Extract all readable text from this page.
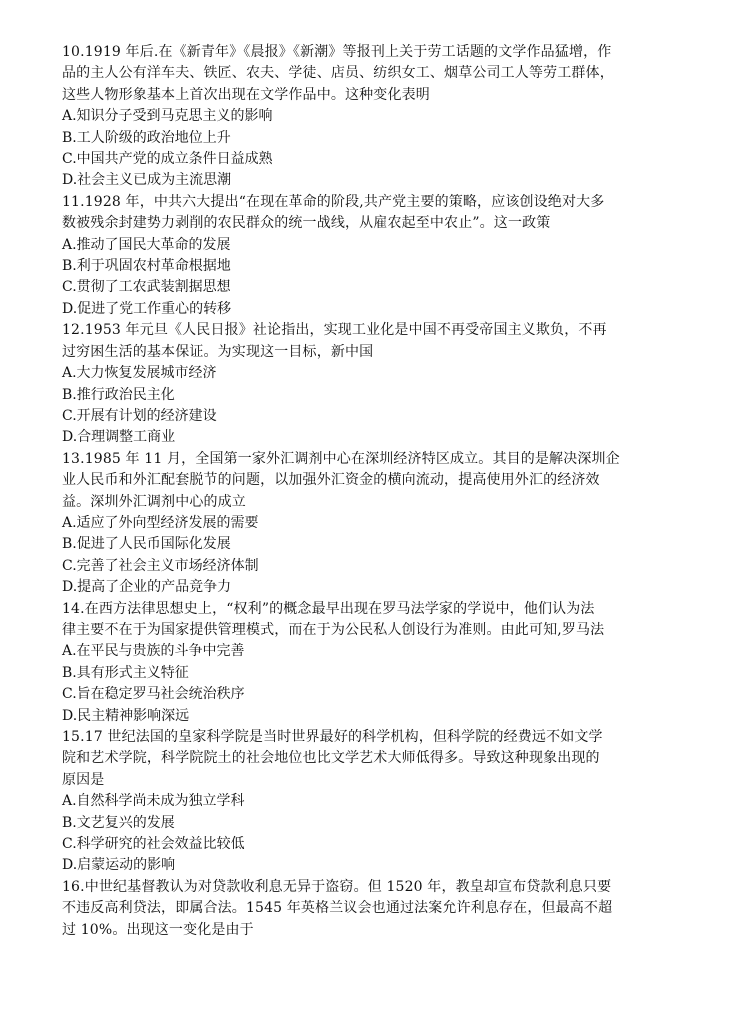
10.1919 年后.在《新青年》《晨报》《新潮》等报刊上关于劳工话题的文学作品猛增，作

品的主人公有洋车夫、铁匠、农夫、学徒、店员、纺织女工、烟草公司工人等劳工群体，

这些人物形象基本上首次出现在文学作品中。这种变化表明

A.知识分子受到马克思主义的影响

B.工人阶级的政治地位上升

C.中国共产党的成立条件日益成熟

D.社会主义已成为主流思潮

11.1928 年，中共六大提出“在现在革命的阶段,共产党主要的策略，应该创设绝对大多

数被残余封建势力剥削的农民群众的统一战线，从雇农起至中农止”。这一政策

A.推动了国民大革命的发展

B.利于巩固农村革命根据地

C.贯彻了工农武装割据思想

D.促进了党工作重心的转移

12.1953 年元旦《人民日报》社论指出，实现工业化是中国不再受帝国主义欺负，不再

过穷困生活的基本保证。为实现这一目标，新中国

A.大力恢复发展城市经济

B.推行政治民主化

C.开展有计划的经济建设

D.合理调整工商业

13.1985 年 11 月，全国第一家外汇调剂中心在深圳经济特区成立。其目的是解决深圳企

业人民币和外汇配套脱节的问题，以加强外汇资金的横向流动，提高使用外汇的经济效

益。深圳外汇调剂中心的成立

A.适应了外向型经济发展的需要

B.促进了人民币国际化发展

C.完善了社会主义市场经济体制

D.提高了企业的产品竞争力

14.在西方法律思想史上，“权利”的概念最早出现在罗马法学家的学说中，他们认为法

律主要不在于为国家提供管理模式，而在于为公民私人创设行为准则。由此可知,罗马法

A.在平民与贵族的斗争中完善

B.具有形式主义特征

C.旨在稳定罗马社会统治秩序

D.民主精神影响深远

15.17 世纪法国的皇家科学院是当时世界最好的科学机构，但科学院的经费远不如文学

院和艺术学院，科学院院土的社会地位也比文学艺术大师低得多。导致这种现象出现的

原因是

A.自然科学尚未成为独立学科

B.文艺复兴的发展

C.科学研究的社会效益比较低

D.启蒙运动的影响

16.中世纪基督教认为对贷款收利息无异于盗窃。但 1520 年，教皇却宣布贷款利息只要

不违反高利贷法，即属合法。1545 年英格兰议会也通过法案允许利息存在，但最高不超

过 10%。出现这一变化是由于
